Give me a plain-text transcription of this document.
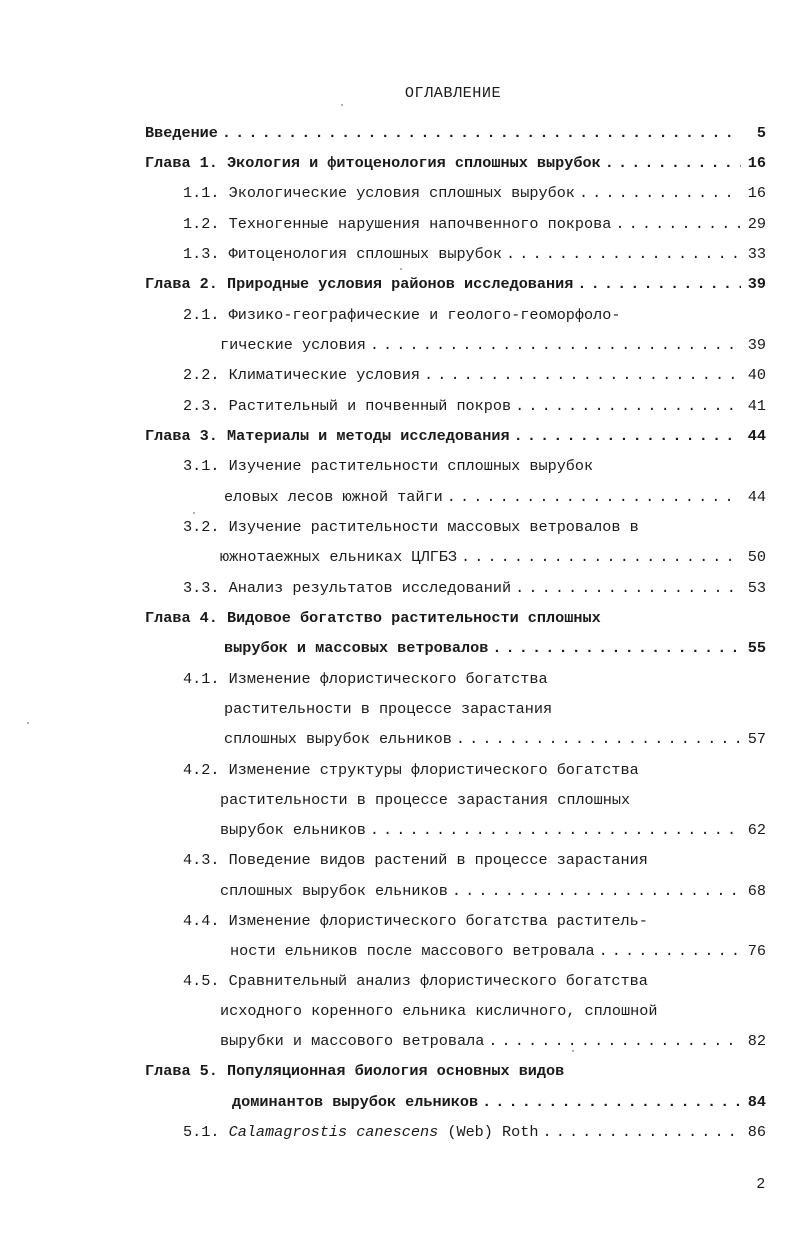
ОГЛАВЛЕНИЕ
Введение . . .	5
Глава 1.
Экология и фитоценология сплошных вырубок . . .	16
1.1.
Экологические условия сплошных вырубок . . .	16
1.2.
Техногенные нарушения напочвенного покрова . . .	29
1.3.
Фитоценология сплошных вырубок . . .	33
Глава 2.
Природные условия районов исследования . . .	39
2.1.
Физико-географические и геолого-геоморфоло-
гические условия . . .	39
2.2.
Климатические условия . . .	40
2.3.
Растительный и почвенный покров . . .	41
Глава 3.
Материалы и методы исследования . . .	44
3.1.
Изучение растительности сплошных вырубок
еловых лесов южной тайги . . .	44
3.2.
Изучение растительности массовых ветровалов в
южнотаежных ельниках ЦЛГБЗ . . .	50
3.3.
Анализ результатов исследований . . .	53
Глава 4.
Видовое богатство растительности сплошных
вырубок и массовых ветровалов . . .	55
4.1.
Изменение флористического богатства
растительности в процессе зарастания
сплошных вырубок ельников . . .	57
4.2.
Изменение структуры флористического богатства
растительности в процессе зарастания сплошных
вырубок ельников . . .	62
4.3.
Поведение видов растений в процессе зарастания
сплошных вырубок ельников . . .	68
4.4.
Изменение флористического богатства раститель-
ности ельников после массового ветровала . . .	76
4.5.
Сравнительный анализ флористического богатства
исходного коренного ельника кисличного, сплошной
вырубки и массового ветровала . . .	82
Глава 5.
Популяционная биология основных видов
доминантов вырубок ельников . . .	84
5.1.
Calamagrostis canescens
(Web) Roth . . .	86
2
